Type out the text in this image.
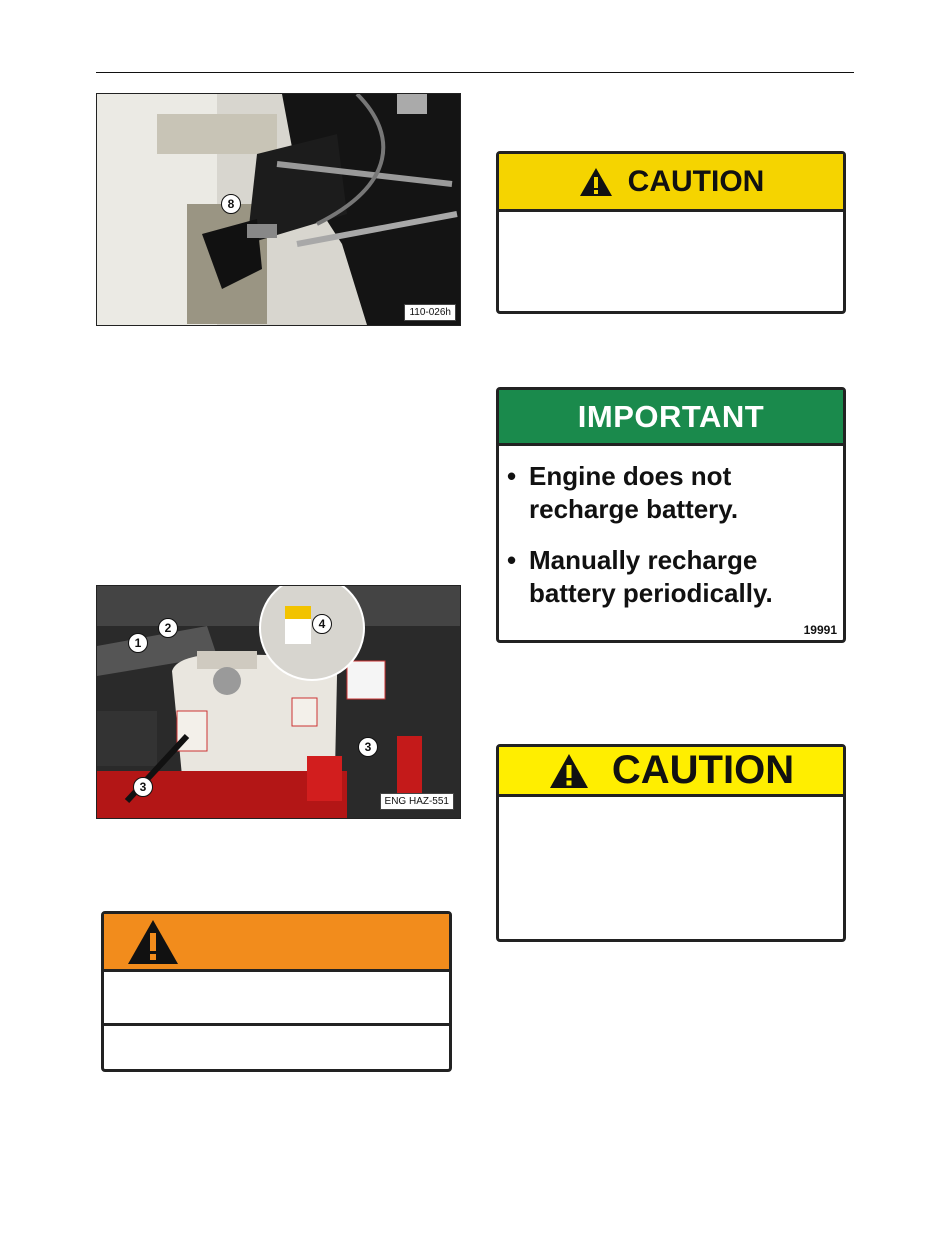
8
110-026h
1
2
3
3
4
ENG HAZ-551
CAUTION
IMPORTANT
• Engine does not
recharge battery.
• Manually recharge
battery periodically.
19991
CAUTION
